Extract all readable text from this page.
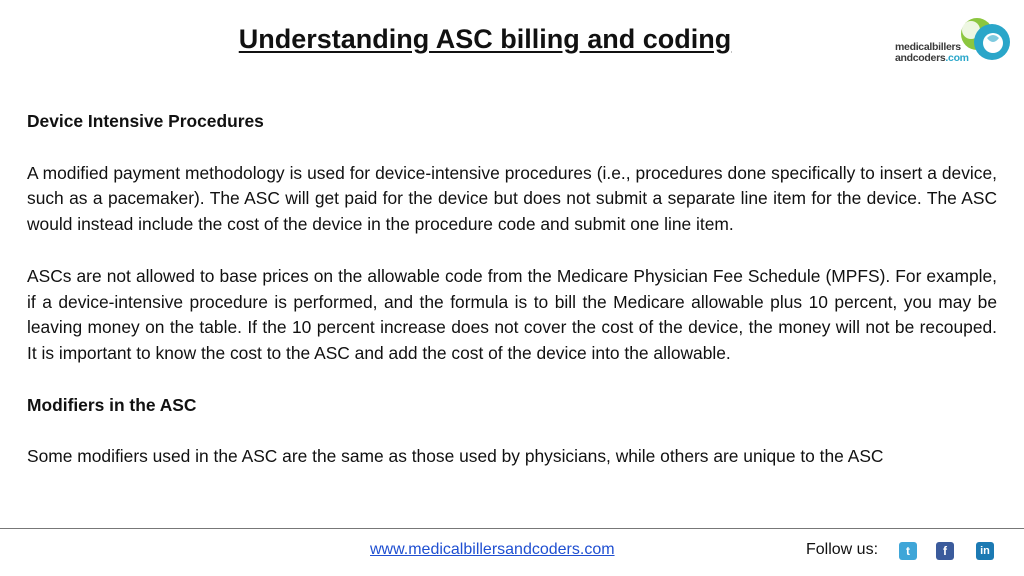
Understanding ASC billing and coding	medicalbillers
andcoders.com
Device Intensive Procedures

A modified payment methodology is used for device-intensive procedures (i.e., procedures done specifically to insert a device, such as a pacemaker). The ASC will get paid for the device but does not submit a separate line item for the device. The ASC would instead include the cost of the device in the procedure code and submit one line item.

ASCs are not allowed to base prices on the allowable code from the Medicare Physician Fee Schedule (MPFS). For example, if a device-intensive procedure is performed, and the formula is to bill the Medicare allowable plus 10 percent, you may be leaving money on the table. If the 10 percent increase does not cover the cost of the device, the money will not be recouped. It is important to know the cost to the ASC and add the cost of the device into the allowable.

Modifiers in the ASC

Some modifiers used in the ASC are the same as those used by physicians, while others are unique to the ASC

www.medicalbillersandcoders.com	Follow us:	t	f	in
